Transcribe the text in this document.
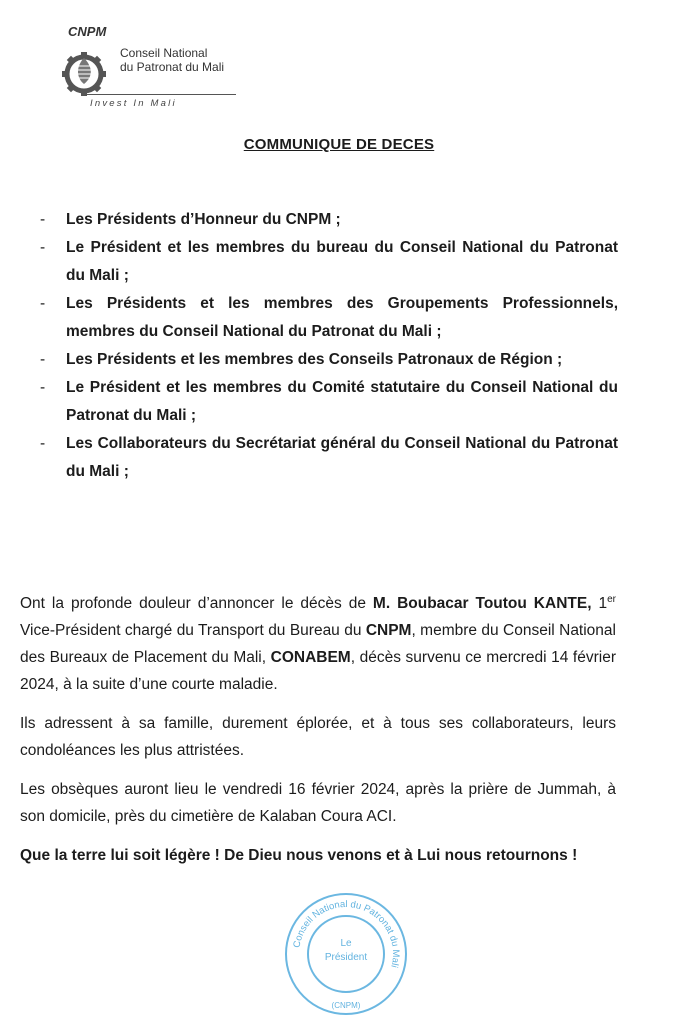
CNPM
Conseil National
du Patronat du Mali
Invest In Mali
COMMUNIQUE DE DECES
- Les Présidents d’Honneur du CNPM ;
- Le Président et les membres du bureau du Conseil National du Patronat du Mali ;
- Les Présidents et les membres des Groupements Professionnels, membres du Conseil National du Patronat du Mali ;
- Les Présidents et les membres des Conseils Patronaux de Région ;
- Le Président et les membres du Comité statutaire du Conseil National du Patronat du Mali ;
- Les Collaborateurs du Secrétariat général du Conseil National du Patronat du Mali ;

Ont la profonde douleur d’annoncer le décès de M. Boubacar Toutou KANTE, 1er Vice-Président chargé du Transport du Bureau du CNPM, membre du Conseil National des Bureaux de Placement du Mali, CONABEM, décès survenu ce mercredi 14 février 2024, à la suite d’une courte maladie.

Ils adressent à sa famille, durement éplorée, et à tous ses collaborateurs, leurs condoléances les plus attristées.

Les obsèques auront lieu le vendredi 16 février 2024, après la prière de Jummah, à son domicile, près du cimetière de Kalaban Coura ACI.

Que la terre lui soit légère ! De Dieu nous venons et à Lui nous retournons !

Conseil National du Patronat du Mali
Le
Président
(CNPM)
